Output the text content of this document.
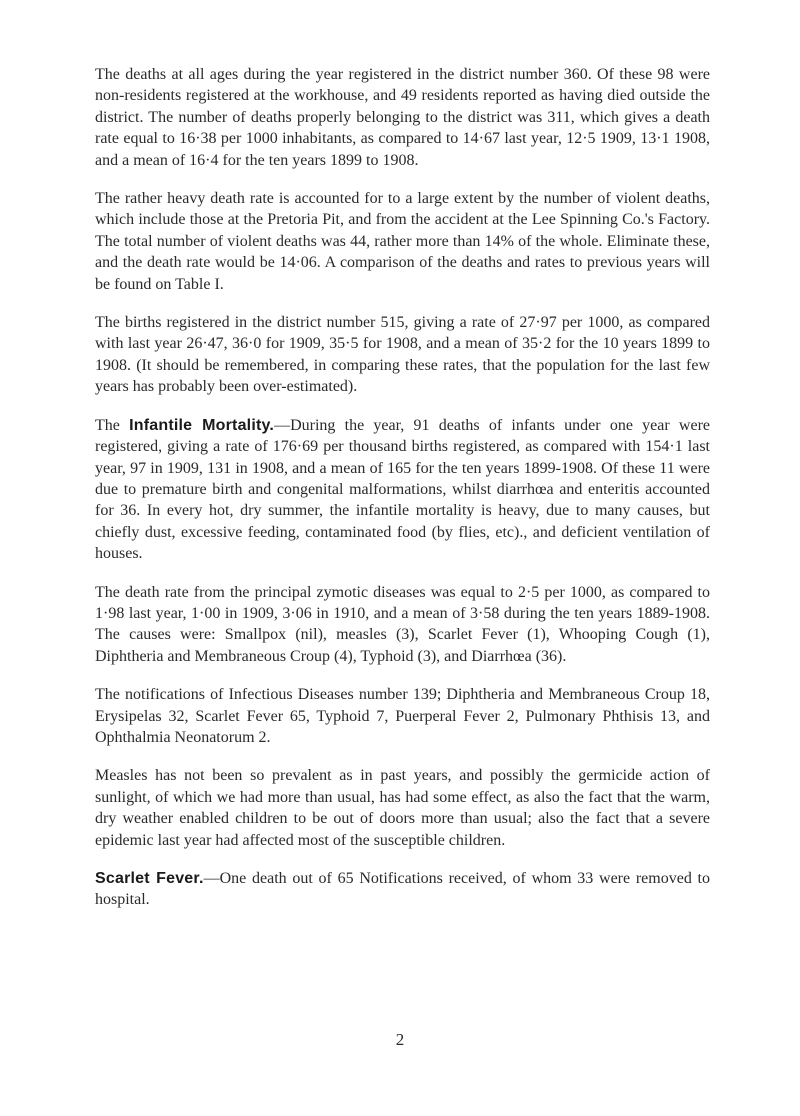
The deaths at all ages during the year registered in the district number 360. Of these 98 were non-residents registered at the workhouse, and 49 residents reported as having died outside the district. The number of deaths properly belonging to the district was 311, which gives a death rate equal to 16·38 per 1000 inhabitants, as compared to 14·67 last year, 12·5 1909, 13·1 1908, and a mean of 16·4 for the ten years 1899 to 1908.

The rather heavy death rate is accounted for to a large extent by the number of violent deaths, which include those at the Pretoria Pit, and from the accident at the Lee Spinning Co.'s Factory. The total number of violent deaths was 44, rather more than 14% of the whole. Eliminate these, and the death rate would be 14·06. A comparison of the deaths and rates to previous years will be found on Table I.

The births registered in the district number 515, giving a rate of 27·97 per 1000, as compared with last year 26·47, 36·0 for 1909, 35·5 for 1908, and a mean of 35·2 for the 10 years 1899 to 1908. (It should be remembered, in comparing these rates, that the population for the last few years has probably been over-estimated).

The Infantile Mortality.—During the year, 91 deaths of infants under one year were registered, giving a rate of 176·69 per thousand births registered, as compared with 154·1 last year, 97 in 1909, 131 in 1908, and a mean of 165 for the ten years 1899-1908. Of these 11 were due to premature birth and congenital malformations, whilst diarrhœa and enteritis accounted for 36. In every hot, dry summer, the infantile mortality is heavy, due to many causes, but chiefly dust, excessive feeding, contaminated food (by flies, etc)., and deficient ventilation of houses.

The death rate from the principal zymotic diseases was equal to 2·5 per 1000, as compared to 1·98 last year, 1·00 in 1909, 3·06 in 1910, and a mean of 3·58 during the ten years 1889-1908. The causes were: Smallpox (nil), measles (3), Scarlet Fever (1), Whooping Cough (1), Diphtheria and Membraneous Croup (4), Typhoid (3), and Diarrhœa (36).

The notifications of Infectious Diseases number 139; Diphtheria and Membraneous Croup 18, Erysipelas 32, Scarlet Fever 65, Typhoid 7, Puerperal Fever 2, Pulmonary Phthisis 13, and Ophthalmia Neonatorum 2.

Measles has not been so prevalent as in past years, and possibly the germicide action of sunlight, of which we had more than usual, has had some effect, as also the fact that the warm, dry weather enabled children to be out of doors more than usual; also the fact that a severe epidemic last year had affected most of the susceptible children.

Scarlet Fever.—One death out of 65 Notifications received, of whom 33 were removed to hospital.

2
